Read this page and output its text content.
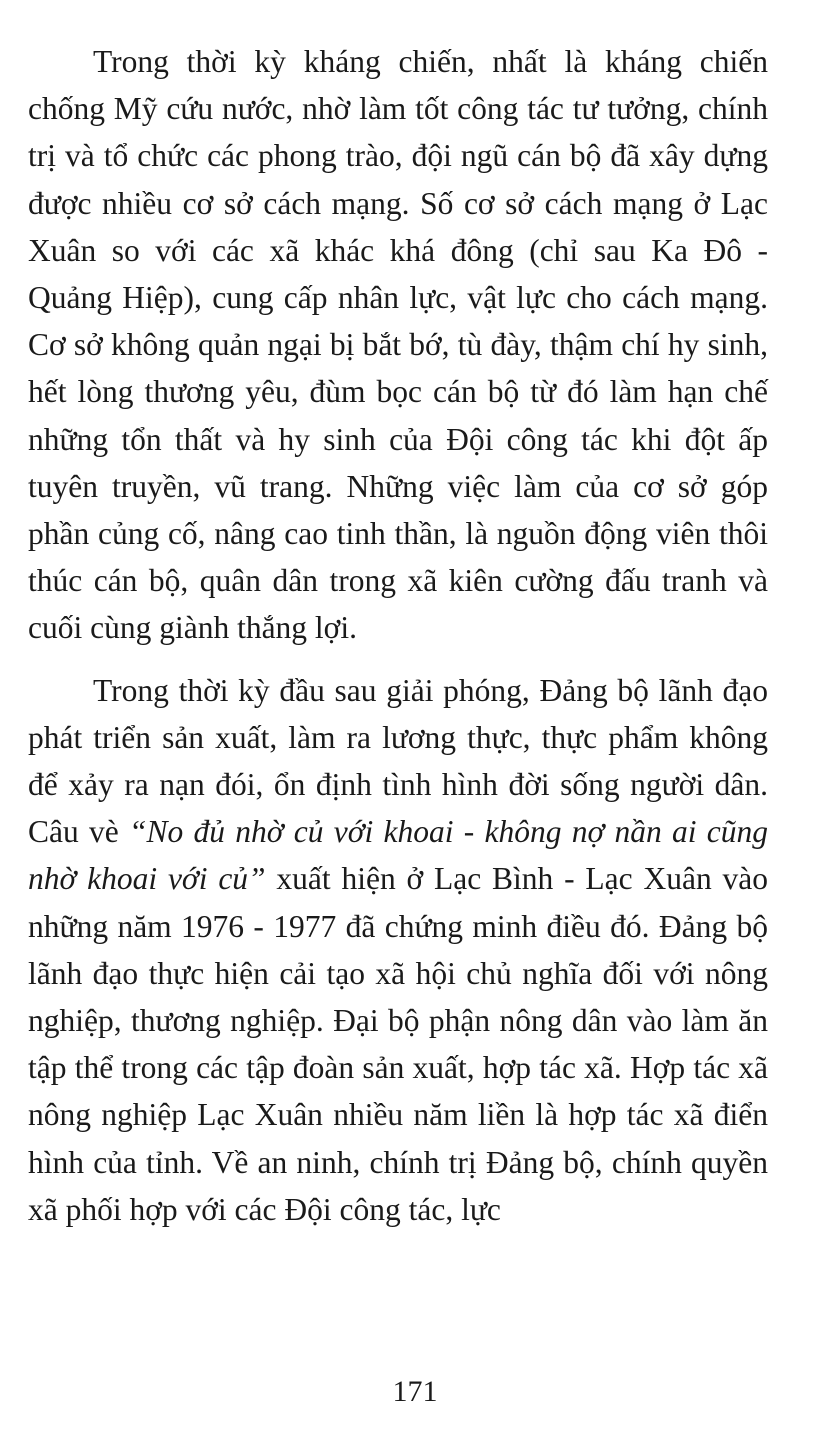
Trong thời kỳ kháng chiến, nhất là kháng chiến chống Mỹ cứu nước, nhờ làm tốt công tác tư tưởng, chính trị và tổ chức các phong trào, đội ngũ cán bộ đã xây dựng được nhiều cơ sở cách mạng. Số cơ sở cách mạng ở Lạc Xuân so với các xã khác khá đông (chỉ sau Ka Đô - Quảng Hiệp), cung cấp nhân lực, vật lực cho cách mạng. Cơ sở không quản ngại bị bắt bớ, tù đày, thậm chí hy sinh, hết lòng thương yêu, đùm bọc cán bộ từ đó làm hạn chế những tổn thất và hy sinh của Đội công tác khi đột ấp tuyên truyền, vũ trang. Những việc làm của cơ sở góp phần củng cố, nâng cao tinh thần, là nguồn động viên thôi thúc cán bộ, quân dân trong xã kiên cường đấu tranh và cuối cùng giành thắng lợi.

Trong thời kỳ đầu sau giải phóng, Đảng bộ lãnh đạo phát triển sản xuất, làm ra lương thực, thực phẩm không để xảy ra nạn đói, ổn định tình hình đời sống người dân. Câu vè “No đủ nhờ củ với khoai - không nợ nần ai cũng nhờ khoai với củ” xuất hiện ở Lạc Bình - Lạc Xuân vào những năm 1976 - 1977 đã chứng minh điều đó. Đảng bộ lãnh đạo thực hiện cải tạo xã hội chủ nghĩa đối với nông nghiệp, thương nghiệp. Đại bộ phận nông dân vào làm ăn tập thể trong các tập đoàn sản xuất, hợp tác xã. Hợp tác xã nông nghiệp Lạc Xuân nhiều năm liền là hợp tác xã điển hình của tỉnh. Về an ninh, chính trị Đảng bộ, chính quyền xã phối hợp với các Đội công tác, lực

171
